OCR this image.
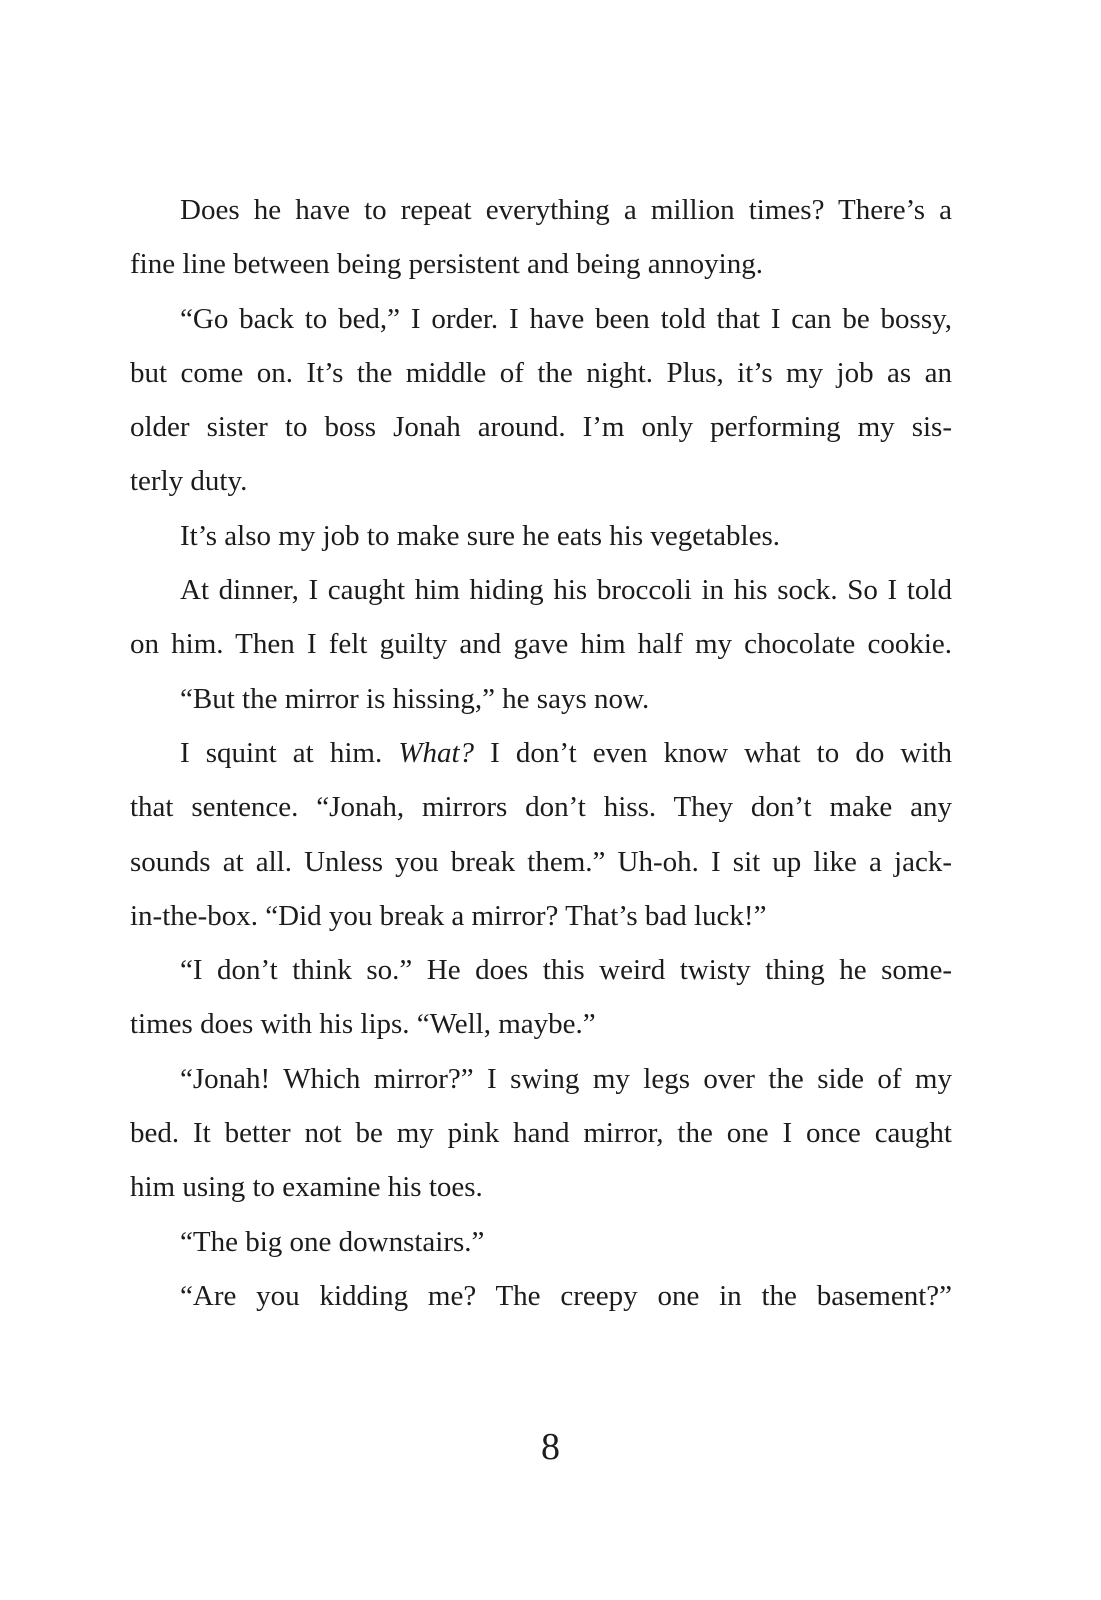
Does he have to repeat everything a million times? There’s a
fine line between being persistent and being annoying.
“Go back to bed,” I order. I have been told that I can be bossy,
but come on. It’s the middle of the night. Plus, it’s my job as an
older sister to boss Jonah around. I’m only performing my sis-
terly duty.
It’s also my job to make sure he eats his vegetables.
At dinner, I caught him hiding his broccoli in his sock. So I told
on him. Then I felt guilty and gave him half my chocolate cookie.
“But the mirror is hissing,” he says now.
I squint at him. What? I don’t even know what to do with
that sentence. “Jonah, mirrors don’t hiss. They don’t make any
sounds at all. Unless you break them.” Uh-oh. I sit up like a jack-
in-the-box. “Did you break a mirror? That’s bad luck!”
“I don’t think so.” He does this weird twisty thing he some-
times does with his lips. “Well, maybe.”
“Jonah! Which mirror?” I swing my legs over the side of my
bed. It better not be my pink hand mirror, the one I once caught
him using to examine his toes.
“The big one downstairs.”
“Are you kidding me? The creepy one in the basement?”
8
